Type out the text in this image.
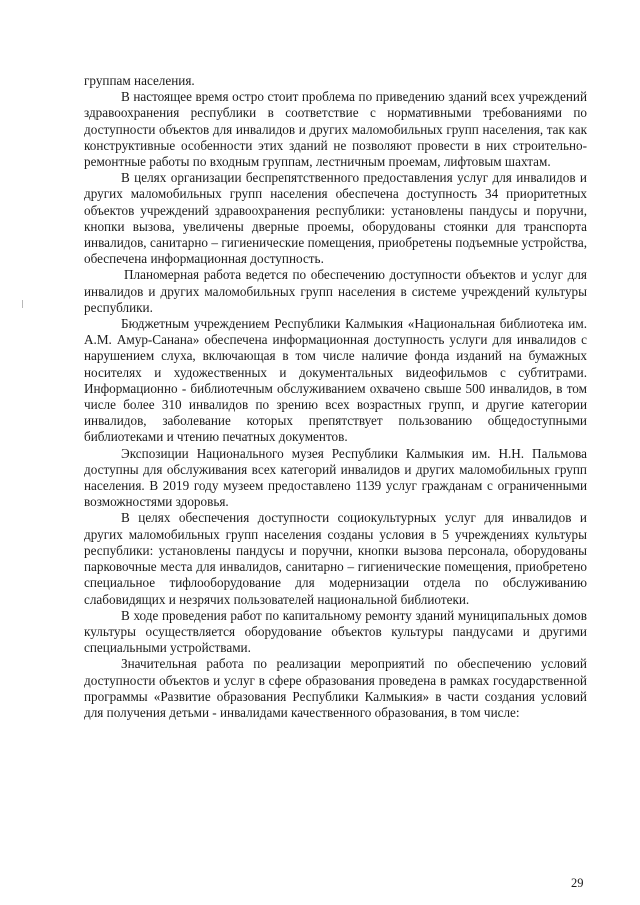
группам населения.

В настоящее время остро стоит проблема по приведению зданий всех учреждений здравоохранения республики в соответствие с нормативными требованиями по доступности объектов для инвалидов и других маломобильных групп населения, так как конструктивные особенности этих зданий не позволяют провести в них строительно-ремонтные работы по входным группам, лестничным проемам, лифтовым шахтам.

В целях организации беспрепятственного предоставления услуг для инвалидов и других маломобильных групп населения обеспечена доступность 34 приоритетных объектов учреждений здравоохранения республики: установлены пандусы и поручни, кнопки вызова, увеличены дверные проемы, оборудованы стоянки для транспорта инвалидов, санитарно – гигиенические помещения, приобретены подъемные устройства, обеспечена информационная доступность.

Планомерная работа ведется по обеспечению доступности объектов и услуг для инвалидов и других маломобильных групп населения в системе учреждений культуры республики.

Бюджетным учреждением Республики Калмыкия «Национальная библиотека им. А.М. Амур-Санана» обеспечена информационная доступность услуги для инвалидов с нарушением слуха, включающая в том числе наличие фонда изданий на бумажных носителях и художественных и документальных видеофильмов с субтитрами. Информационно - библиотечным обслуживанием охвачено свыше 500 инвалидов, в том числе более 310 инвалидов по зрению всех возрастных групп, и другие категории инвалидов, заболевание которых препятствует пользованию общедоступными библиотеками и чтению печатных документов.

Экспозиции Национального музея Республики Калмыкия им. Н.Н. Пальмова доступны для обслуживания всех категорий инвалидов и других маломобильных групп населения. В 2019 году музеем предоставлено 1139 услуг гражданам с ограниченными возможностями здоровья.

В целях обеспечения доступности социокультурных услуг для инвалидов и других маломобильных групп населения созданы условия в 5 учреждениях культуры республики: установлены пандусы и поручни, кнопки вызова персонала, оборудованы парковочные места для инвалидов, санитарно – гигиенические помещения, приобретено специальное тифлооборудование для модернизации отдела по обслуживанию слабовидящих и незрячих пользователей национальной библиотеки.

В ходе проведения работ по капитальному ремонту зданий муниципальных домов культуры осуществляется оборудование объектов культуры пандусами и другими специальными устройствами.

Значительная работа по реализации мероприятий по обеспечению условий доступности объектов и услуг в сфере образования проведена в рамках государственной программы «Развитие образования Республики Калмыкия» в части создания условий для получения детьми - инвалидами качественного образования, в том числе:

29
